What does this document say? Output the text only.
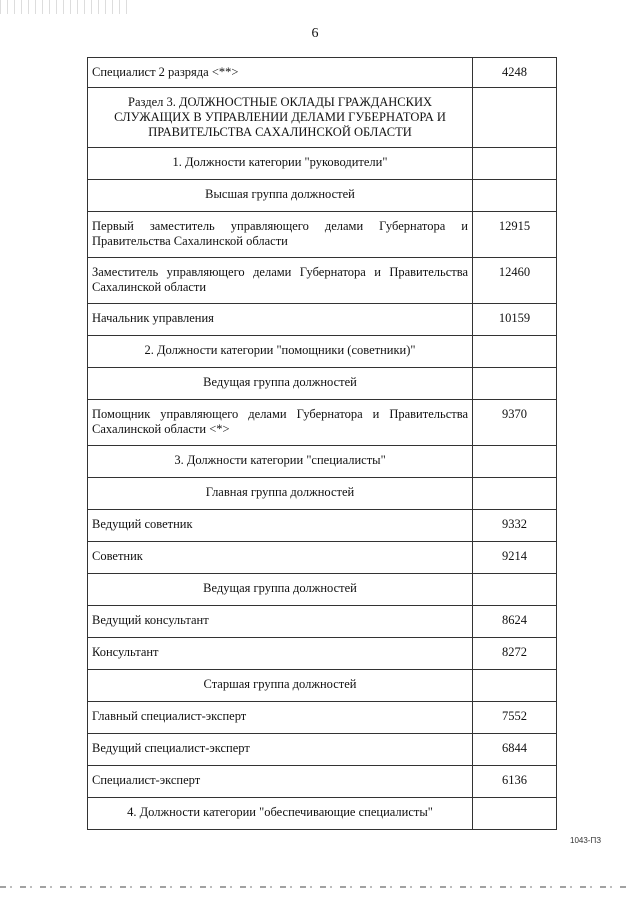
6
Специалист 2 разряда <**>	4248
Раздел 3. ДОЛЖНОСТНЫЕ ОКЛАДЫ ГРАЖДАНСКИХ СЛУЖАЩИХ В УПРАВЛЕНИИ ДЕЛАМИ ГУБЕРНАТОРА И ПРАВИТЕЛЬСТВА САХАЛИНСКОЙ ОБЛАСТИ	
1. Должности категории "руководители"	
Высшая группа должностей	
Первый заместитель управляющего делами Губернатора и Правительства Сахалинской области	12915
Заместитель управляющего делами Губернатора и Правительства Сахалинской области	12460
Начальник управления	10159
2. Должности категории "помощники (советники)"	
Ведущая группа должностей	
Помощник управляющего делами Губернатора и Правительства Сахалинской области <*>	9370
3. Должности категории "специалисты"	
Главная группа должностей	
Ведущий советник	9332
Советник	9214
Ведущая группа должностей	
Ведущий консультант	8624
Консультант	8272
Старшая группа должностей	
Главный специалист-эксперт	7552
Ведущий специалист-эксперт	6844
Специалист-эксперт	6136
4. Должности категории "обеспечивающие специалисты"	
1043-ПЗ
